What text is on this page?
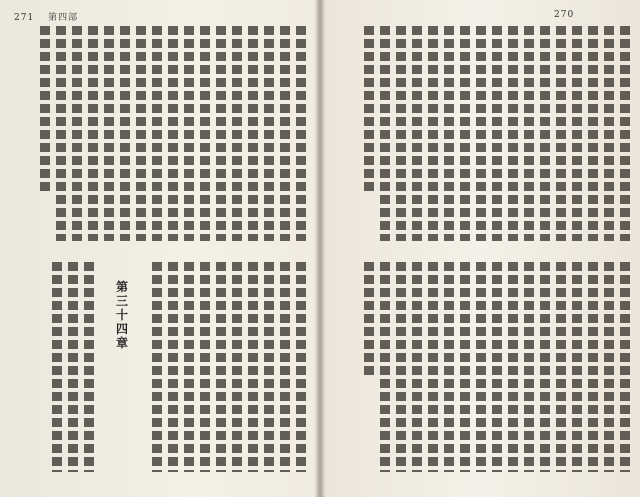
270
271 第四部
第三十四章
